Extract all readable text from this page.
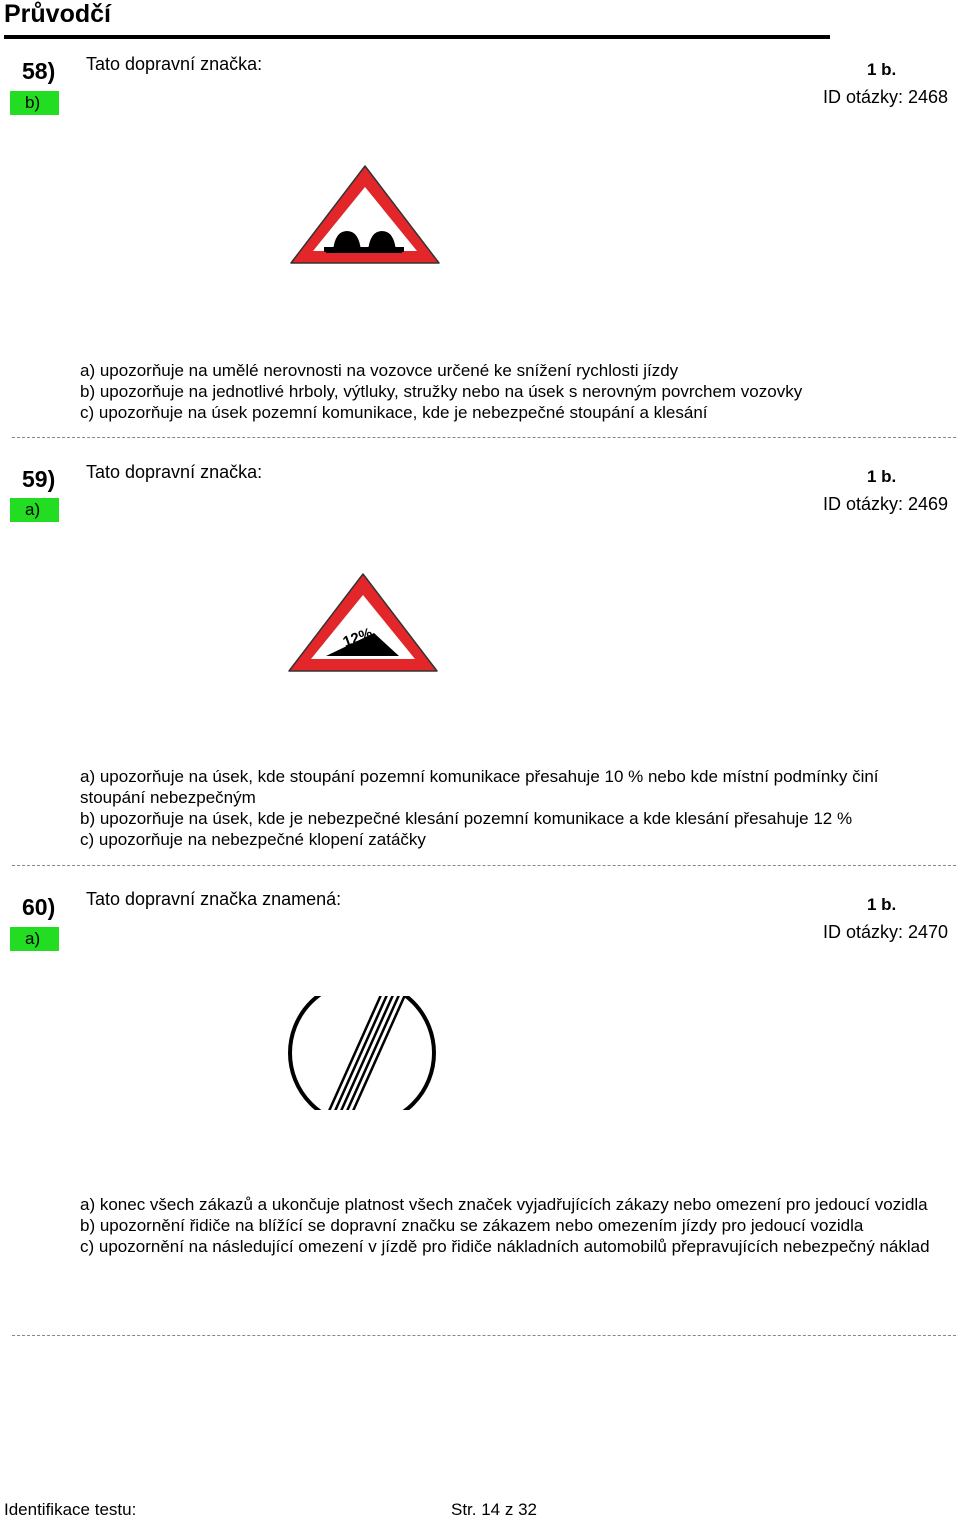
Průvodčí
58)
b)
Tato dopravní značka:	1 b.
ID otázky: 2468
a) upozorňuje na umělé nerovnosti na vozovce určené ke snížení rychlosti jízdy
b) upozorňuje na jednotlivé hrboly, výtluky, stružky nebo na úsek s nerovným povrchem vozovky
c) upozorňuje na úsek pozemní komunikace, kde je nebezpečné stoupání a klesání
59)
a)
Tato dopravní značka:	1 b.
ID otázky: 2469
12%
a) upozorňuje na úsek, kde stoupání pozemní komunikace přesahuje 10 % nebo kde místní podmínky činí stoupání nebezpečným
b) upozorňuje na úsek, kde je nebezpečné klesání pozemní komunikace a kde klesání přesahuje 12 %
c) upozorňuje na nebezpečné klopení zatáčky
60)
a)
Tato dopravní značka znamená:	1 b.
ID otázky: 2470
a) konec všech zákazů a ukončuje platnost všech značek vyjadřujících zákazy nebo omezení pro jedoucí vozidla
b) upozornění řidiče na blížící se dopravní značku se zákazem nebo omezením jízdy pro jedoucí vozidla
c) upozornění na následující omezení v jízdě pro řidiče nákladních automobilů přepravujících nebezpečný náklad
Identifikace testu:	Str. 14 z 32
